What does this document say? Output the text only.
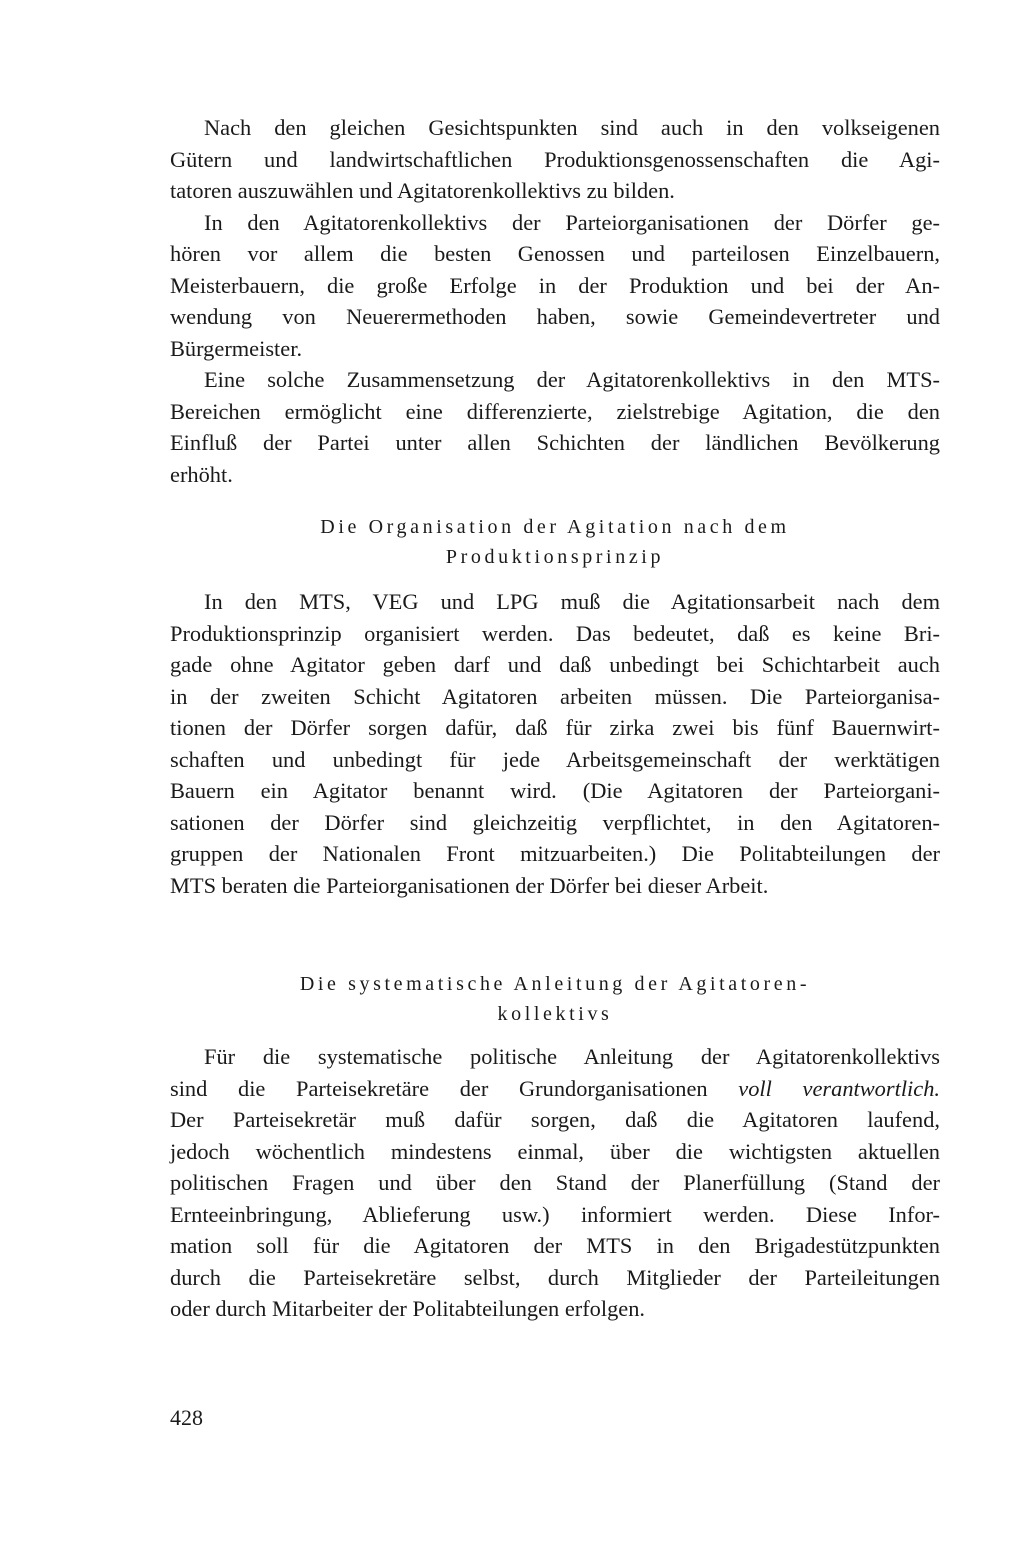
Nach den gleichen Gesichtspunkten sind auch in den volkseigenen
Gütern und landwirtschaftlichen Produktionsgenossenschaften die Agi-
tatoren auszuwählen und Agitatorenkollektivs zu bilden.
In den Agitatorenkollektivs der Parteiorganisationen der Dörfer ge-
hören vor allem die besten Genossen und parteilosen Einzelbauern,
Meisterbauern, die große Erfolge in der Produktion und bei der An-
wendung von Neuerermethoden haben, sowie Gemeindevertreter und
Bürgermeister.
Eine solche Zusammensetzung der Agitatorenkollektivs in den MTS-
Bereichen ermöglicht eine differenzierte, zielstrebige Agitation, die den
Einfluß der Partei unter allen Schichten der ländlichen Bevölkerung
erhöht.
Die Organisation der Agitation nach dem
Produktionsprinzip
In den MTS, VEG und LPG muß die Agitationsarbeit nach dem
Produktionsprinzip organisiert werden. Das bedeutet, daß es keine Bri-
gade ohne Agitator geben darf und daß unbedingt bei Schichtarbeit auch
in der zweiten Schicht Agitatoren arbeiten müssen. Die Parteiorganisa-
tionen der Dörfer sorgen dafür, daß für zirka zwei bis fünf Bauernwirt-
schaften und unbedingt für jede Arbeitsgemeinschaft der werktätigen
Bauern ein Agitator benannt wird. (Die Agitatoren der Parteiorgani-
sationen der Dörfer sind gleichzeitig verpflichtet, in den Agitatoren-
gruppen der Nationalen Front mitzuarbeiten.) Die Politabteilungen der
MTS beraten die Parteiorganisationen der Dörfer bei dieser Arbeit.
Die systematische Anleitung der Agitatoren-
kollektivs
Für die systematische politische Anleitung der Agitatorenkollektivs
sind die Parteisekretäre der Grundorganisationen voll verantwortlich.
Der Parteisekretär muß dafür sorgen, daß die Agitatoren laufend,
jedoch wöchentlich mindestens einmal, über die wichtigsten aktuellen
politischen Fragen und über den Stand der Planerfüllung (Stand der
Ernteeinbringung, Ablieferung usw.) informiert werden. Diese Infor-
mation soll für die Agitatoren der MTS in den Brigadestützpunkten
durch die Parteisekretäre selbst, durch Mitglieder der Parteileitungen
oder durch Mitarbeiter der Politabteilungen erfolgen.
428
